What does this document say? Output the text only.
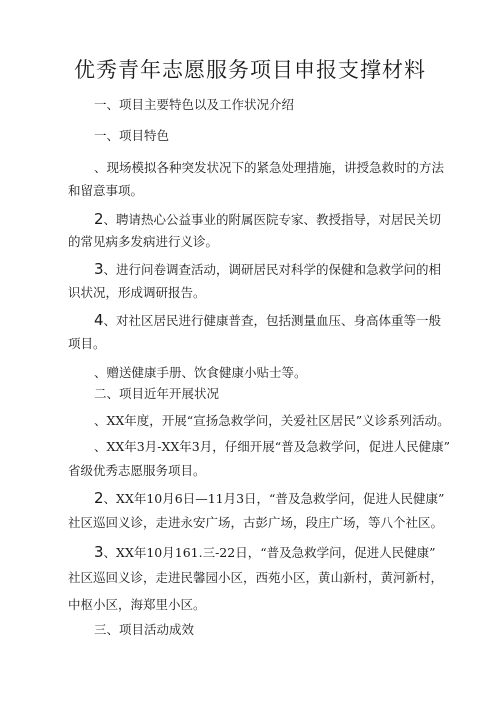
优秀青年志愿服务项目申报支撑材料
一、项目主要特色以及工作状况介绍
一、项目特色
、现场模拟各种突发状况下的紧急处理措施，讲授急救时的方法
和留意事项。
2、聘请热心公益事业的附属医院专家、教授指导，对居民关切
的常见病多发病进行义诊。
3、进行问卷调查活动，调研居民对科学的保健和急救学问的相
识状况，形成调研报告。
4、对社区居民进行健康普查，包括测量血压、身高体重等一般
项目。
、赠送健康手册、饮食健康小贴士等。
二、项目近年开展状况
、XX年度，开展“宣扬急救学问，关爱社区居民”义诊系列活动。
、XX年3月-XX年3月，仔细开展“普及急救学问，促进人民健康”
省级优秀志愿服务项目。
2、XX年10月6日—11月3日，“普及急救学问，促进人民健康”
社区巡回义诊，走进永安广场，古彭广场，段庄广场，等八个社区。
3、XX年10月161.三-22日，“普及急救学问，促进人民健康”
社区巡回义诊，走进民馨园小区，西苑小区，黄山新村，黄河新村，
中枢小区，海郑里小区。
三、项目活动成效
